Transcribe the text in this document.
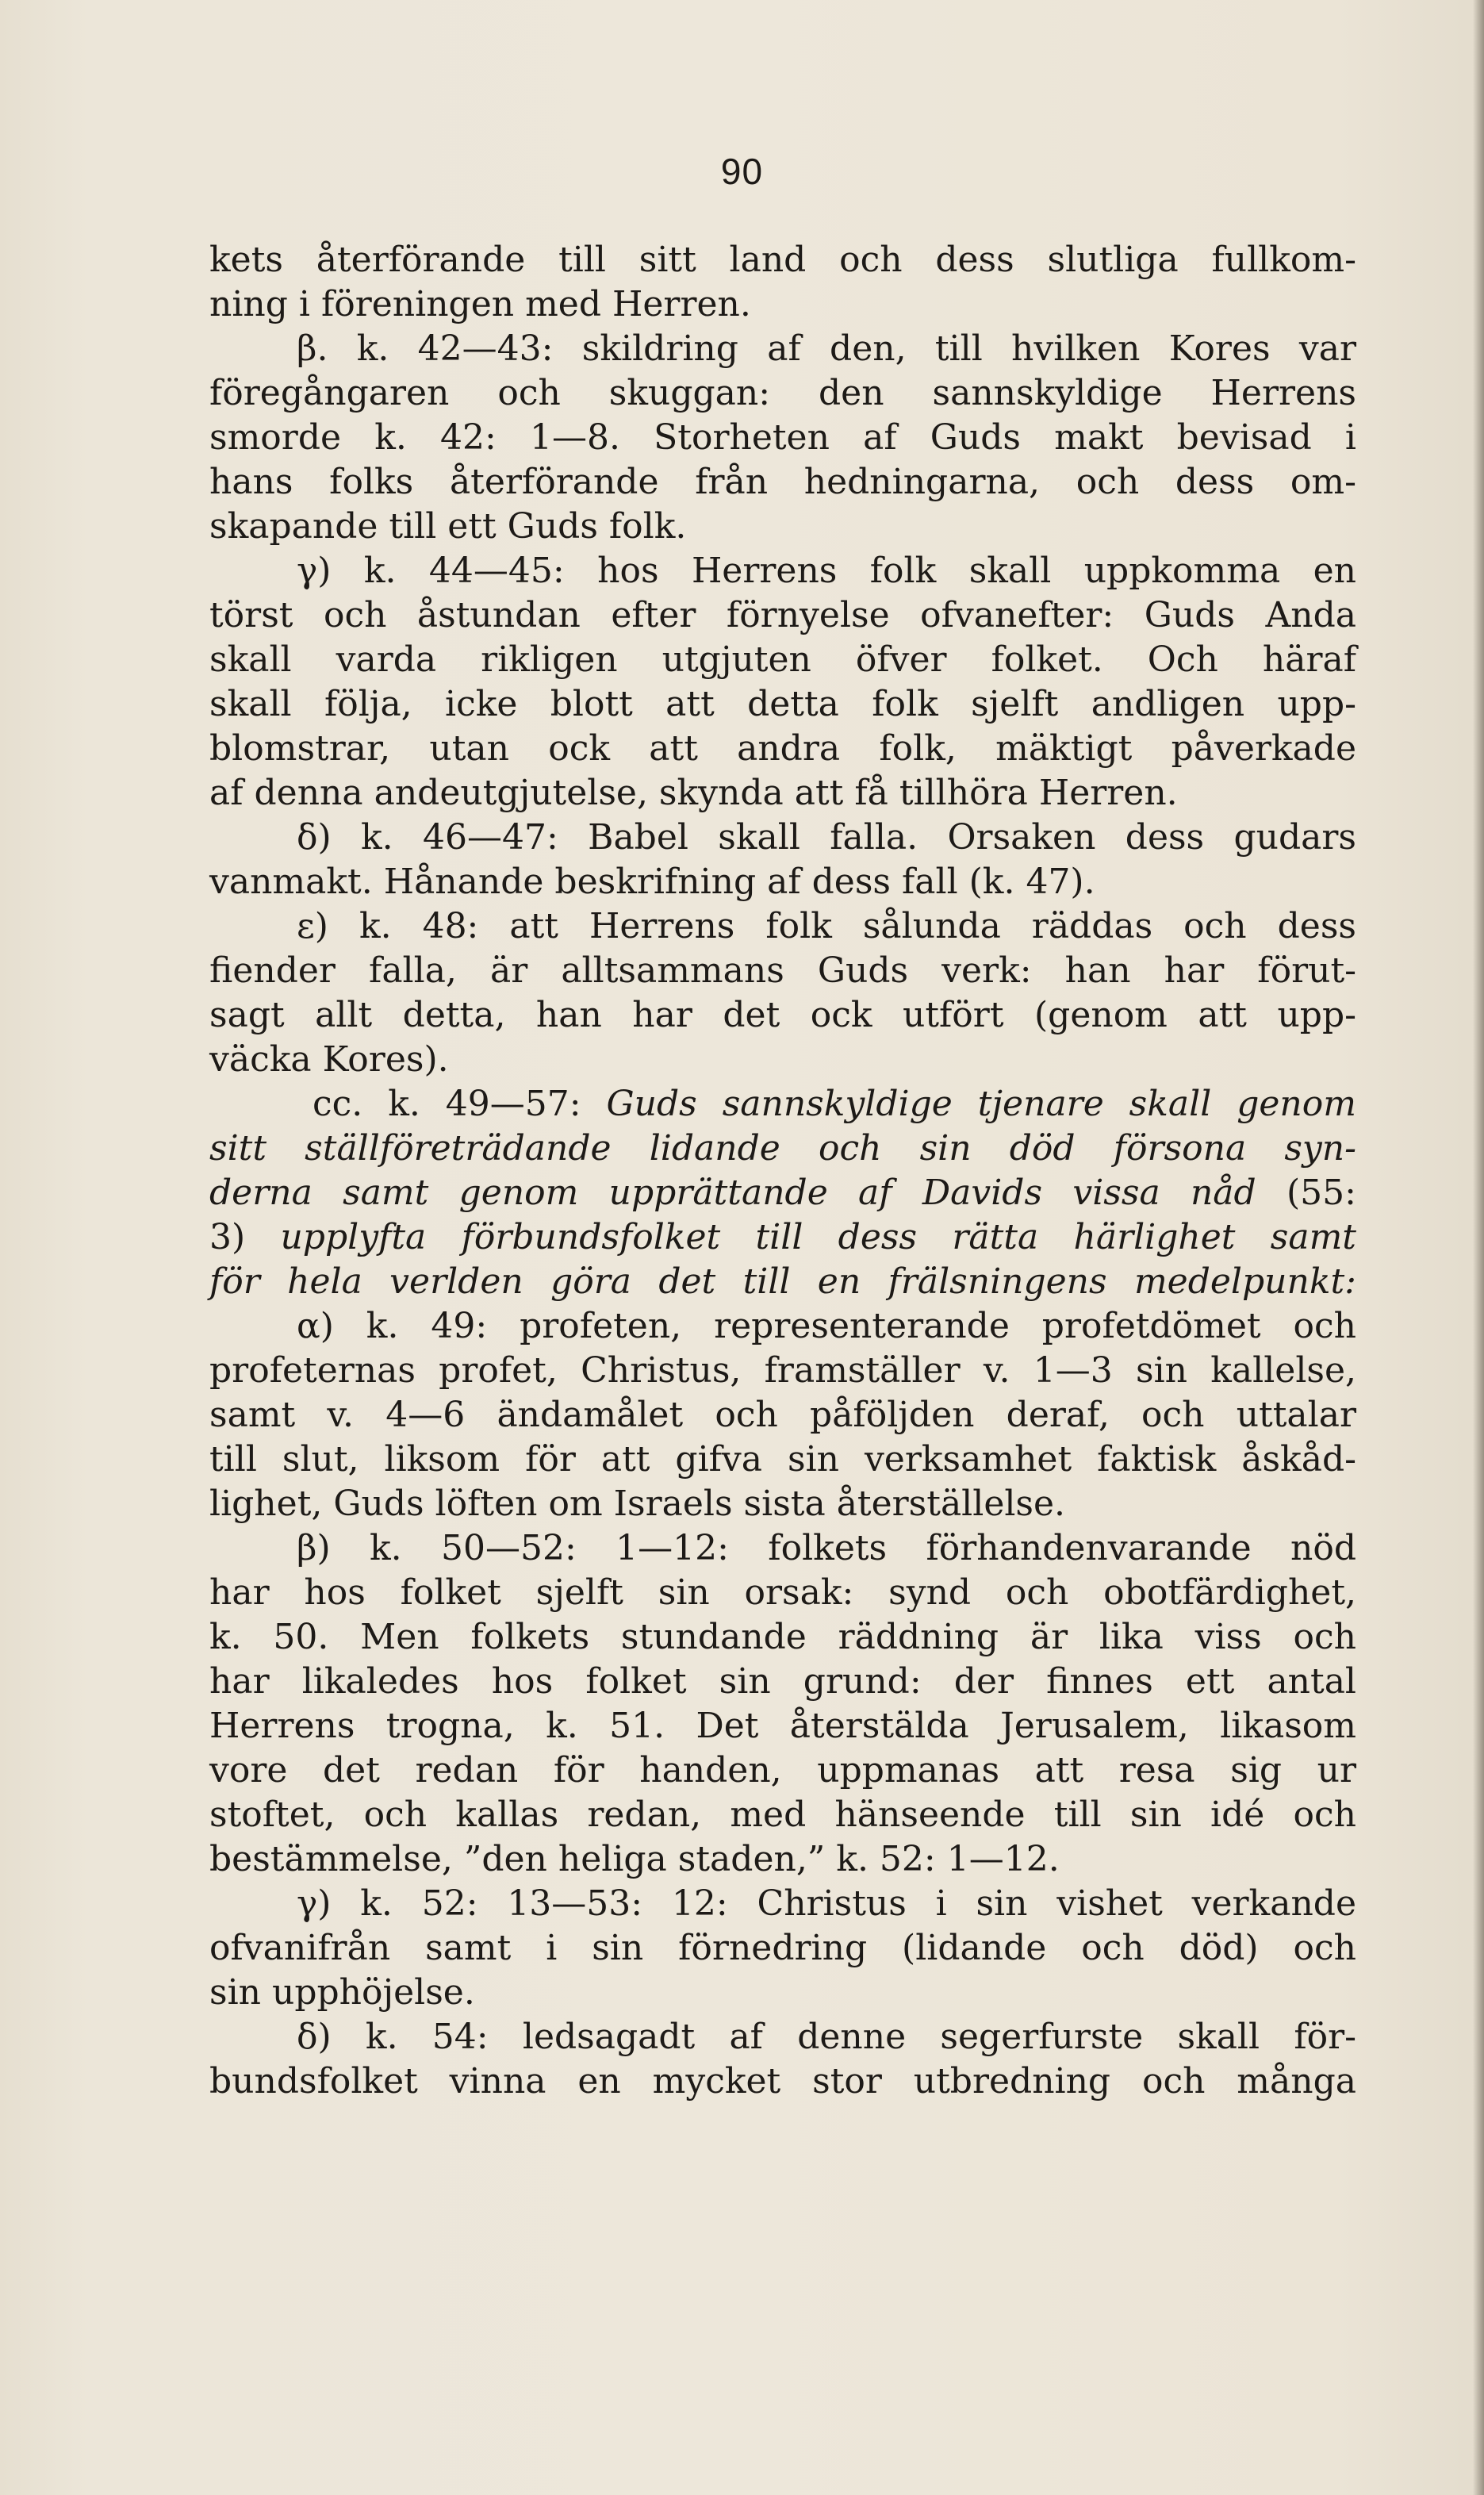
90
kets återförande till sitt land och dess slutliga fullkom-
ning i föreningen med Herren.
β. k. 42—43: skildring af den, till hvilken Kores var
föregångaren och skuggan: den sannskyldige Herrens
smorde k. 42: 1—8. Storheten af Guds makt bevisad i
hans folks återförande från hedningarna, och dess om-
skapande till ett Guds folk.
γ) k. 44—45: hos Herrens folk skall uppkomma en
törst och åstundan efter förnyelse ofvanefter: Guds Anda
skall varda rikligen utgjuten öfver folket. Och häraf
skall följa, icke blott att detta folk sjelft andligen upp-
blomstrar, utan ock att andra folk, mäktigt påverkade
af denna andeutgjutelse, skynda att få tillhöra Herren.
δ) k. 46—47: Babel skall falla. Orsaken dess gudars
vanmakt. Hånande beskrifning af dess fall (k. 47).
ε) k. 48: att Herrens folk sålunda räddas och dess
fiender falla, är alltsammans Guds verk: han har förut-
sagt allt detta, han har det ock utfört (genom att upp-
väcka Kores).
cc. k. 49—57: Guds sannskyldige tjenare skall genom
sitt ställföreträdande lidande och sin död försona syn-
derna samt genom upprättande af Davids vissa nåd (55:
3) upplyfta förbundsfolket till dess rätta härlighet samt
för hela verlden göra det till en frälsningens medelpunkt:
α) k. 49: profeten, representerande profetdömet och
profeternas profet, Christus, framställer v. 1—3 sin kallelse,
samt v. 4—6 ändamålet och påföljden deraf, och uttalar
till slut, liksom för att gifva sin verksamhet faktisk åskåd-
lighet, Guds löften om Israels sista återställelse.
β) k. 50—52: 1—12: folkets förhandenvarande nöd
har hos folket sjelft sin orsak: synd och obotfärdighet,
k. 50. Men folkets stundande räddning är lika viss och
har likaledes hos folket sin grund: der finnes ett antal
Herrens trogna, k. 51. Det återstälda Jerusalem, likasom
vore det redan för handen, uppmanas att resa sig ur
stoftet, och kallas redan, med hänseende till sin idé och
bestämmelse, ”den heliga staden,” k. 52: 1—12.
γ) k. 52: 13—53: 12: Christus i sin vishet verkande
ofvanifrån samt i sin förnedring (lidande och död) och
sin upphöjelse.
δ) k. 54: ledsagadt af denne segerfurste skall för-
bundsfolket vinna en mycket stor utbredning och många
